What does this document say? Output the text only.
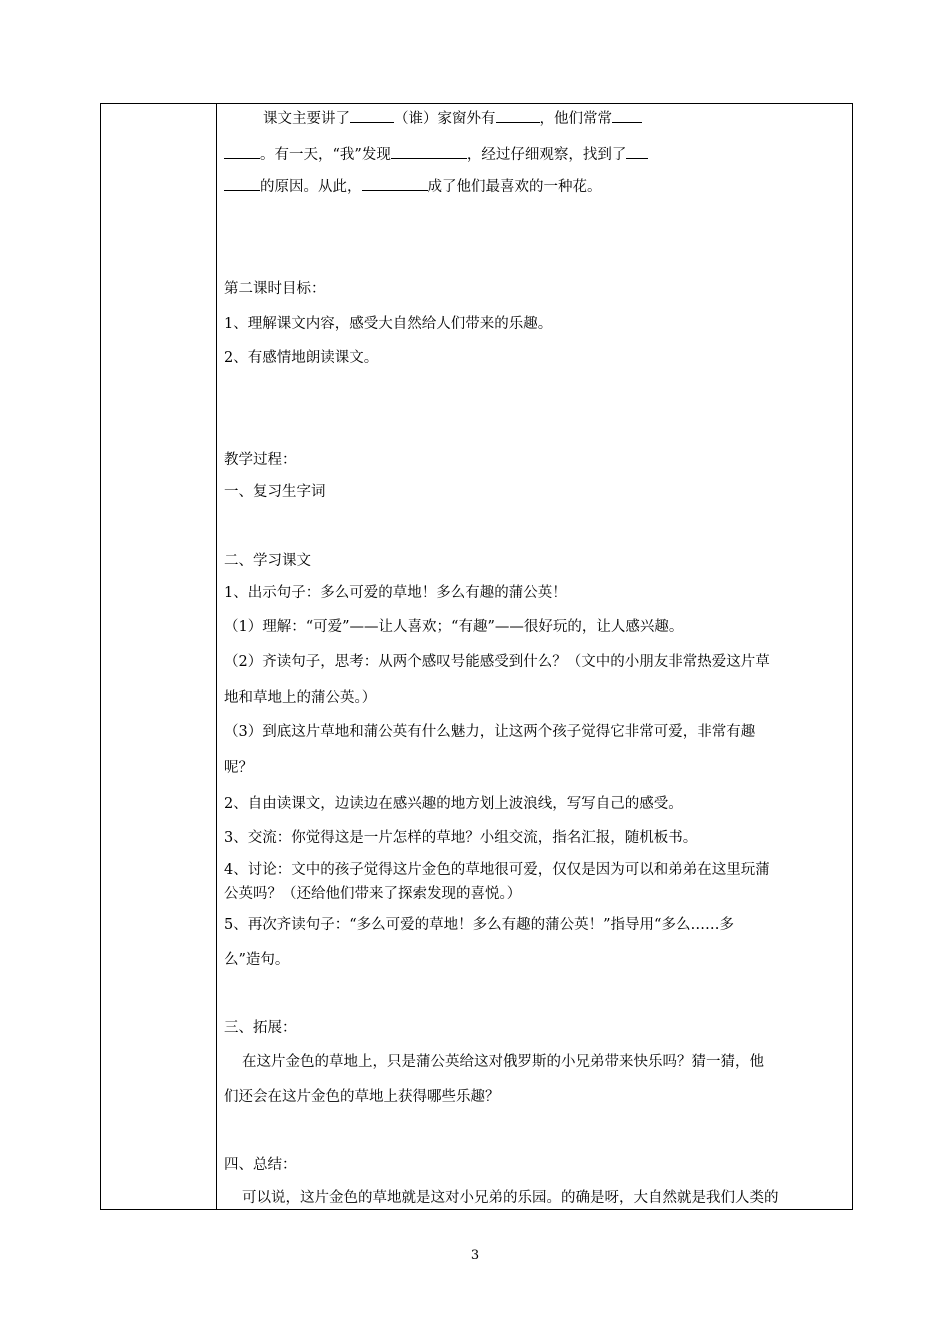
课文主要讲了	（谁）家窗外有	，他们常常
。有一天，“我”发现	，经过仔细观察，找到了
的原因。从此，	成了他们最喜欢的一种花。
第二课时目标：
1、理解课文内容，感受大自然给人们带来的乐趣。
2、有感情地朗读课文。
教学过程：
一、复习生字词
二、学习课文
1、出示句子：多么可爱的草地！多么有趣的蒲公英！
（1）理解：“可爱”——让人喜欢；“有趣”——很好玩的，让人感兴趣。
（2）齐读句子，思考：从两个感叹号能感受到什么？（文中的小朋友非常热爱这片草
地和草地上的蒲公英。）
（3）到底这片草地和蒲公英有什么魅力，让这两个孩子觉得它非常可爱，非常有趣
呢？
2、自由读课文，边读边在感兴趣的地方划上波浪线，写写自己的感受。
3、交流：你觉得这是一片怎样的草地？小组交流，指名汇报，随机板书。
4、讨论：文中的孩子觉得这片金色的草地很可爱，仅仅是因为可以和弟弟在这里玩蒲
公英吗？（还给他们带来了探索发现的喜悦。）
5、再次齐读句子：“多么可爱的草地！多么有趣的蒲公英！”指导用“多么……多
么”造句。
三、拓展：
在这片金色的草地上，只是蒲公英给这对俄罗斯的小兄弟带来快乐吗？猜一猜，他
们还会在这片金色的草地上获得哪些乐趣？
四、总结：
可以说，这片金色的草地就是这对小兄弟的乐园。的确是呀，大自然就是我们人类的
3
